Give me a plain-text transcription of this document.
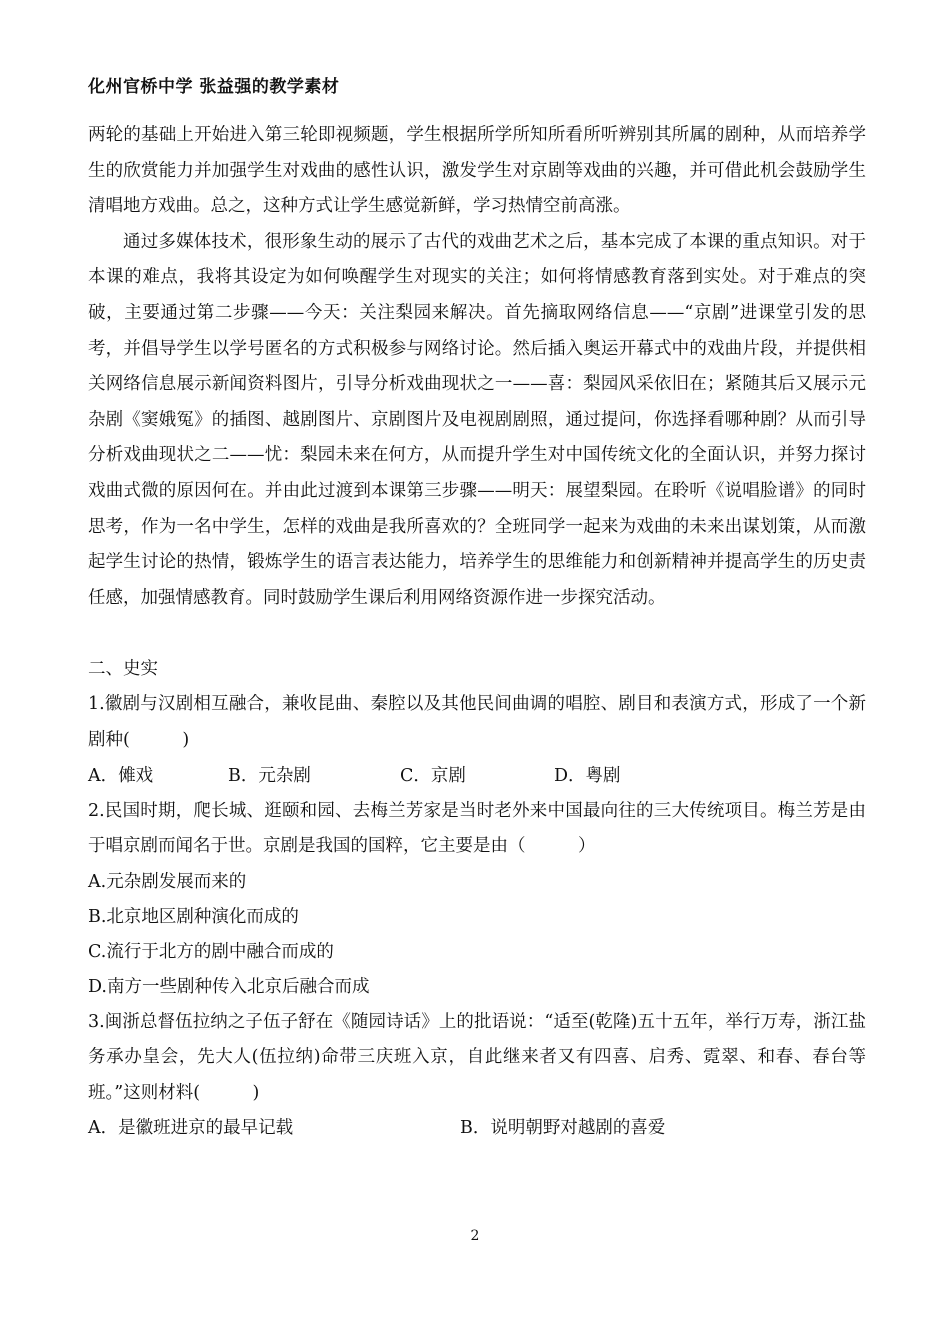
化州官桥中学 张益强的教学素材

两轮的基础上开始进入第三轮即视频题，学生根据所学所知所看所听辨别其所属的剧种，从而培养学生的欣赏能力并加强学生对戏曲的感性认识，激发学生对京剧等戏曲的兴趣，并可借此机会鼓励学生清唱地方戏曲。总之，这种方式让学生感觉新鲜，学习热情空前高涨。

通过多媒体技术，很形象生动的展示了古代的戏曲艺术之后，基本完成了本课的重点知识。对于本课的难点，我将其设定为如何唤醒学生对现实的关注；如何将情感教育落到实处。对于难点的突破，主要通过第二步骤——今天：关注梨园来解决。首先摘取网络信息——“京剧”进课堂引发的思考，并倡导学生以学号匿名的方式积极参与网络讨论。然后插入奥运开幕式中的戏曲片段，并提供相关网络信息展示新闻资料图片，引导分析戏曲现状之一——喜：梨园风采依旧在；紧随其后又展示元杂剧《窦娥冤》的插图、越剧图片、京剧图片及电视剧剧照，通过提问，你选择看哪种剧？从而引导分析戏曲现状之二——忧：梨园未来在何方，从而提升学生对中国传统文化的全面认识，并努力探讨戏曲式微的原因何在。并由此过渡到本课第三步骤——明天：展望梨园。在聆听《说唱脸谱》的同时思考，作为一名中学生，怎样的戏曲是我所喜欢的？全班同学一起来为戏曲的未来出谋划策，从而激起学生讨论的热情，锻炼学生的语言表达能力，培养学生的思维能力和创新精神并提高学生的历史责任感，加强情感教育。同时鼓励学生课后利用网络资源作进一步探究活动。

二、史实

1.徽剧与汉剧相互融合，兼收昆曲、秦腔以及其他民间曲调的唱腔、剧目和表演方式，形成了一个新剧种(　　　)

A．傩戏	B．元杂剧	C．京剧	D．粤剧

2.民国时期，爬长城、逛颐和园、去梅兰芳家是当时老外来中国最向往的三大传统项目。梅兰芳是由于唱京剧而闻名于世。京剧是我国的国粹，它主要是由（　　　）

A.元杂剧发展而来的

B.北京地区剧种演化而成的

C.流行于北方的剧中融合而成的

D.南方一些剧种传入北京后融合而成

3.闽浙总督伍拉纳之子伍子舒在《随园诗话》上的批语说：“适至(乾隆)五十五年，举行万寿，浙江盐务承办皇会，先大人(伍拉纳)命带三庆班入京，自此继来者又有四喜、启秀、霓翠、和春、春台等班。”这则材料(　　　)

A．是徽班进京的最早记载	B．说明朝野对越剧的喜爱
2
